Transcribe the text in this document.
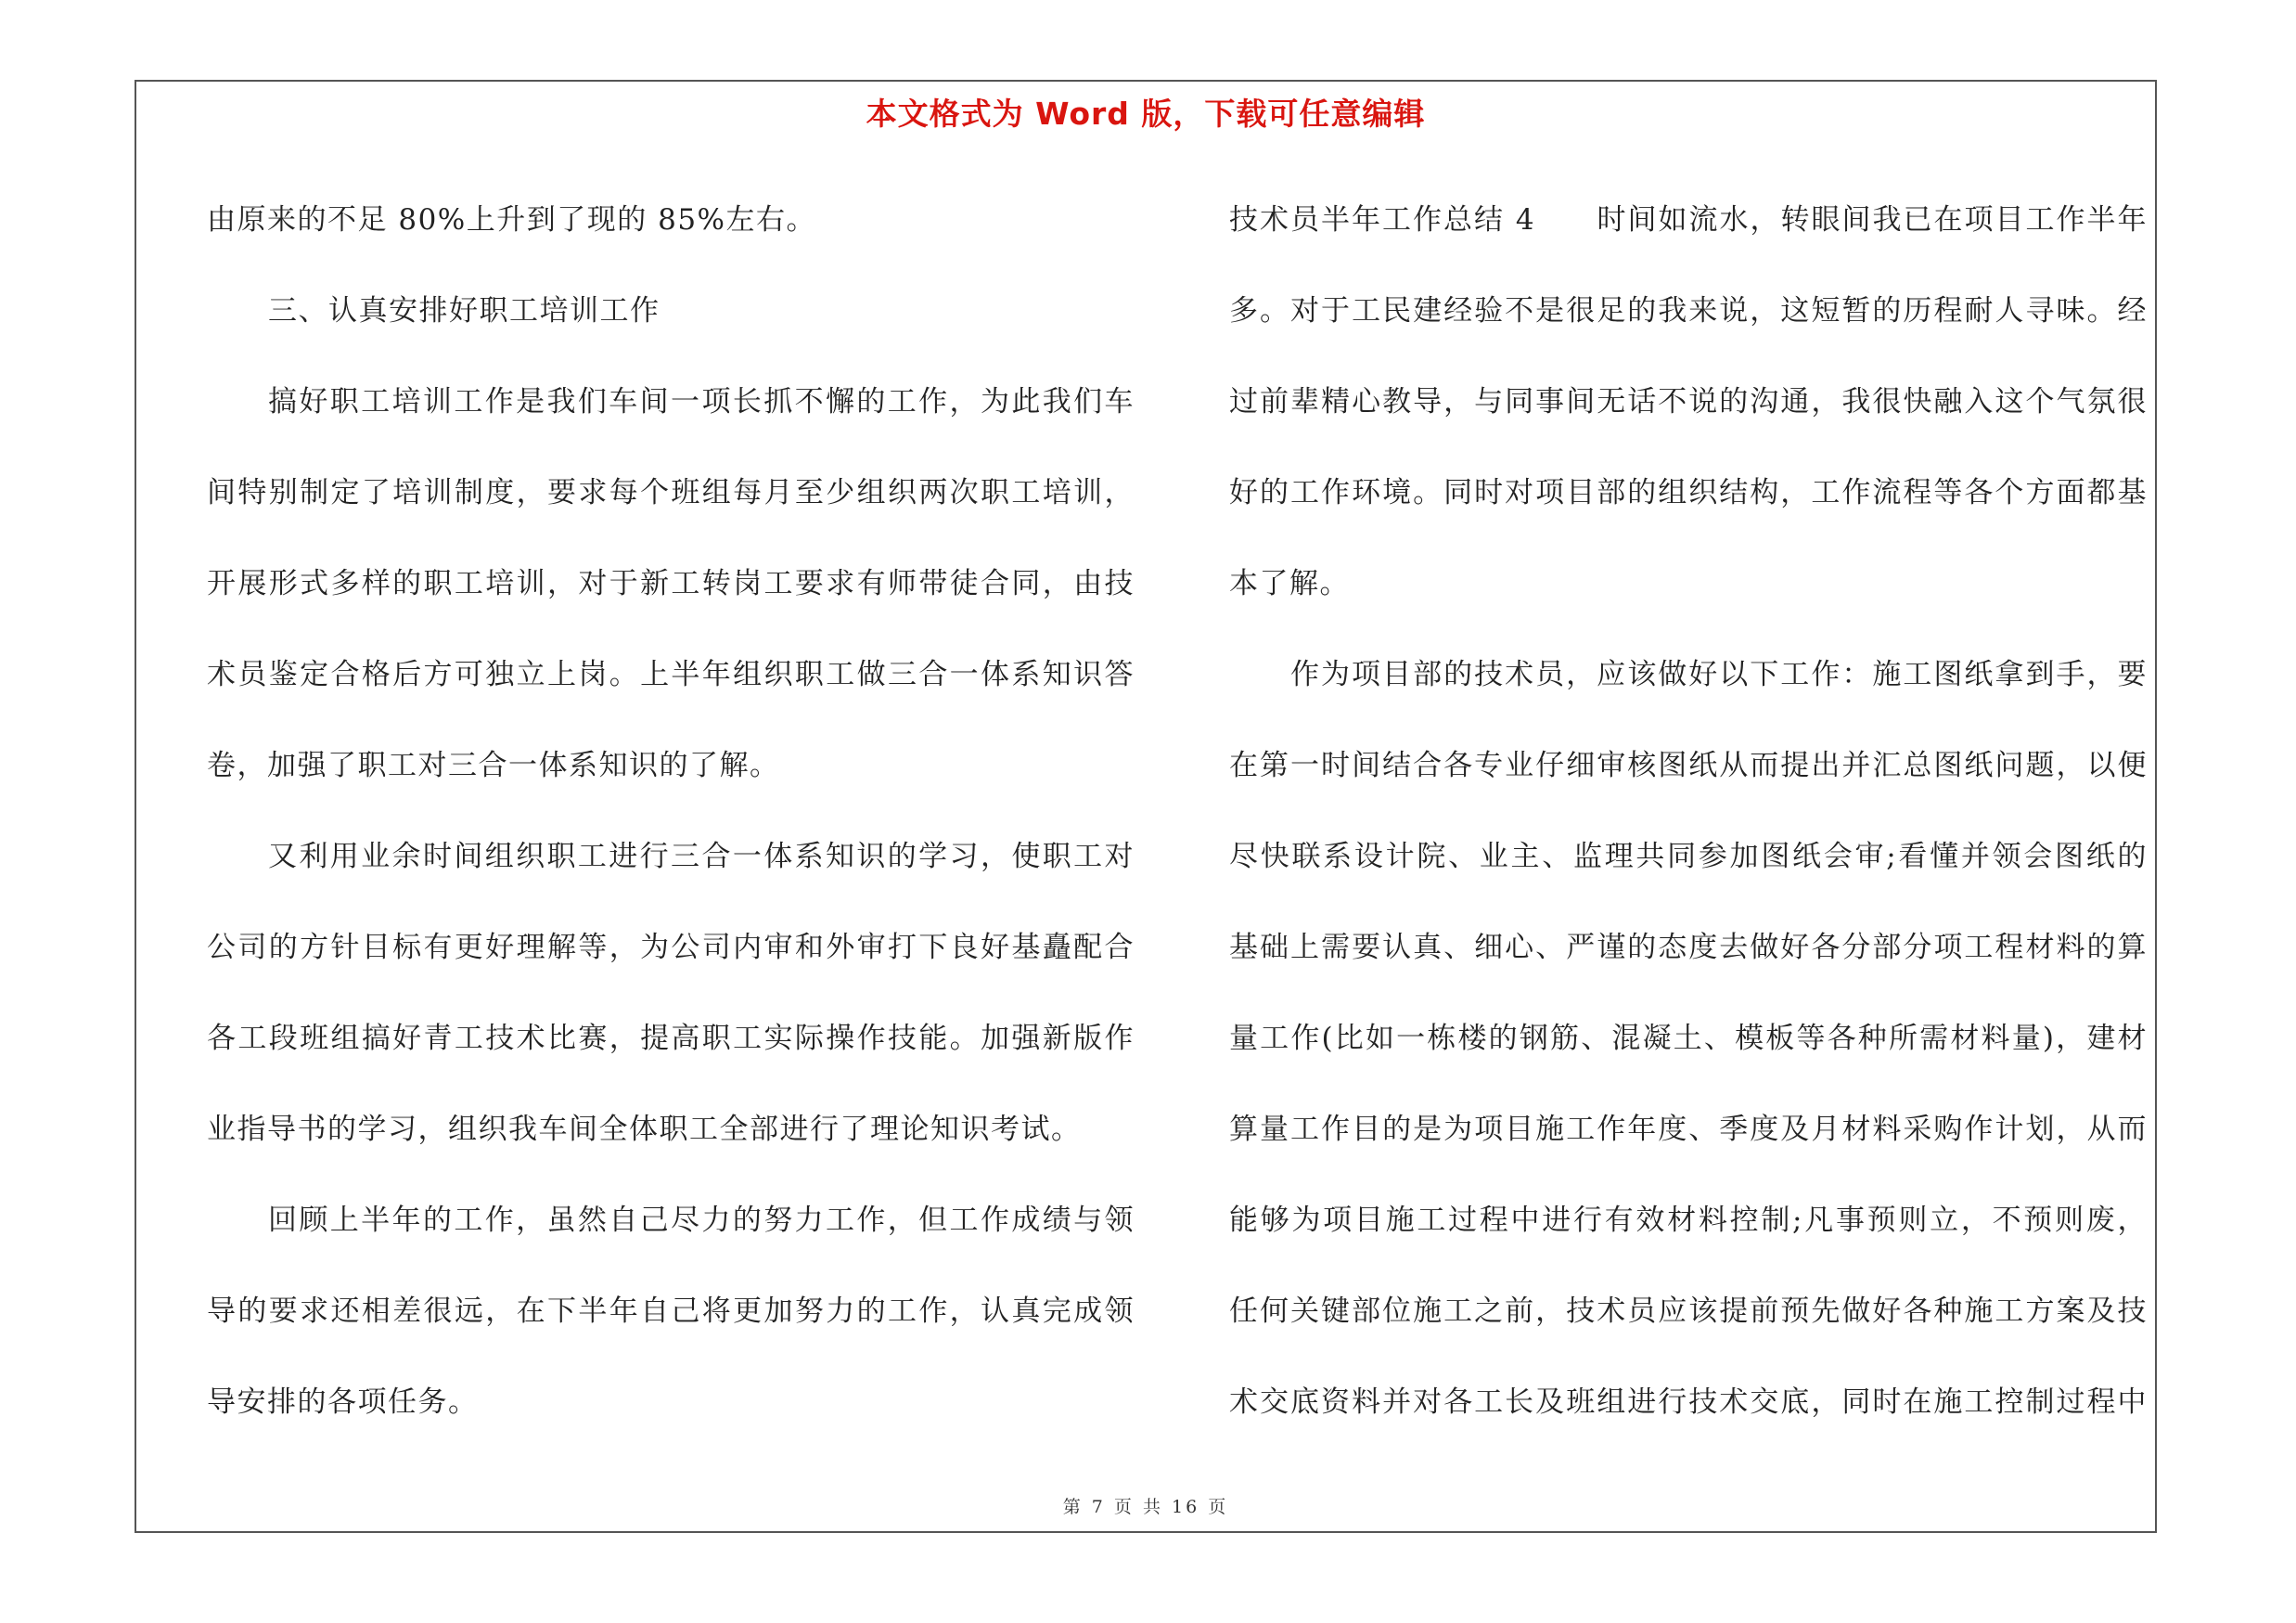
本文格式为 Word 版，下载可任意编辑
由原来的不足 80%上升到了现的 85%左右。
三、认真安排好职工培训工作
搞好职工培训工作是我们车间一项长抓不懈的工作，为此我们车
间特别制定了培训制度，要求每个班组每月至少组织两次职工培训，
开展形式多样的职工培训，对于新工转岗工要求有师带徒合同，由技
术员鉴定合格后方可独立上岗。上半年组织职工做三合一体系知识答
卷，加强了职工对三合一体系知识的了解。
又利用业余时间组织职工进行三合一体系知识的学习，使职工对
公司的方针目标有更好理解等，为公司内审和外审打下良好基矗配合
各工段班组搞好青工技术比赛，提高职工实际操作技能。加强新版作
业指导书的学习，组织我车间全体职工全部进行了理论知识考试。
回顾上半年的工作，虽然自己尽力的努力工作，但工作成绩与领
导的要求还相差很远，在下半年自己将更加努力的工作，认真完成领
导安排的各项任务。
技术员半年工作总结 4　　时间如流水，转眼间我已在项目工作半年
多。对于工民建经验不是很足的我来说，这短暂的历程耐人寻味。经
过前辈精心教导，与同事间无话不说的沟通，我很快融入这个气氛很
好的工作环境。同时对项目部的组织结构，工作流程等各个方面都基
本了解。
作为项目部的技术员，应该做好以下工作：施工图纸拿到手，要
在第一时间结合各专业仔细审核图纸从而提出并汇总图纸问题，以便
尽快联系设计院、业主、监理共同参加图纸会审;看懂并领会图纸的
基础上需要认真、细心、严谨的态度去做好各分部分项工程材料的算
量工作(比如一栋楼的钢筋、混凝土、模板等各种所需材料量)，建材
算量工作目的是为项目施工作年度、季度及月材料采购作计划，从而
能够为项目施工过程中进行有效材料控制;凡事预则立，不预则废，
任何关键部位施工之前，技术员应该提前预先做好各种施工方案及技
术交底资料并对各工长及班组进行技术交底，同时在施工控制过程中
第 7 页 共 16 页
